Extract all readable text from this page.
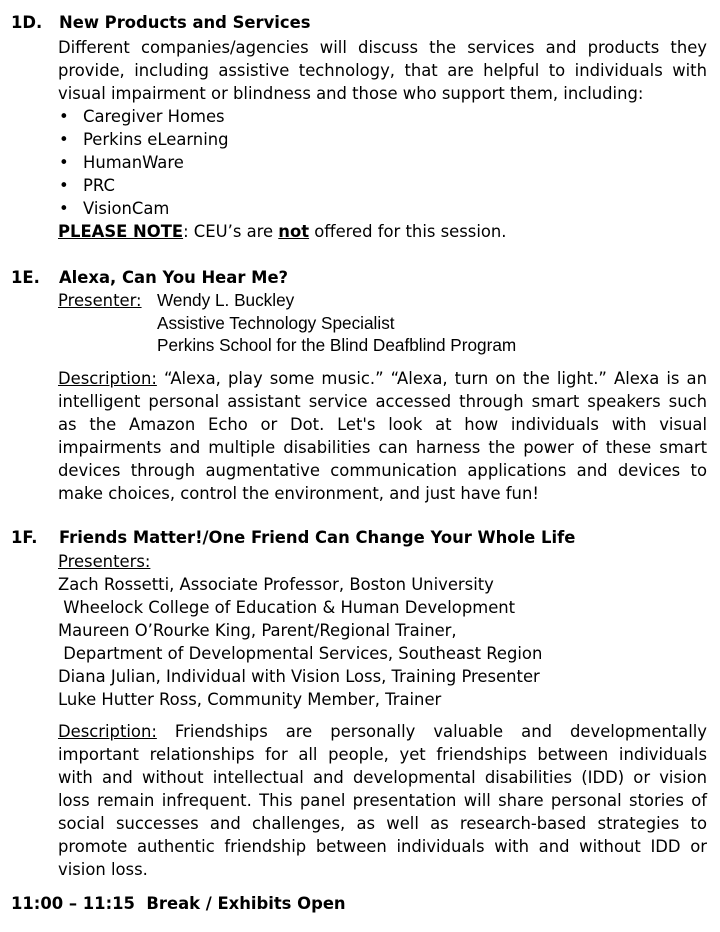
1D. New Products and Services
Different companies/agencies will discuss the services and products they
provide, including assistive technology, that are helpful to individuals with
visual impairment or blindness and those who support them, including:
• Caregiver Homes
• Perkins eLearning
• HumanWare
• PRC
• VisionCam
PLEASE NOTE: CEU’s are not offered for this session.
1E. Alexa, Can You Hear Me?
Presenter: Wendy L. Buckley
Assistive Technology Specialist
Perkins School for the Blind Deafblind Program
Description: “Alexa, play some music.” “Alexa, turn on the light.” Alexa is an
intelligent personal assistant service accessed through smart speakers such
as the Amazon Echo or Dot. Let's look at how individuals with visual
impairments and multiple disabilities can harness the power of these smart
devices through augmentative communication applications and devices to
make choices, control the environment, and just have fun!
1F. Friends Matter!/One Friend Can Change Your Whole Life
Presenters:
Zach Rossetti, Associate Professor, Boston University
Wheelock College of Education & Human Development
Maureen O’Rourke King, Parent/Regional Trainer,
Department of Developmental Services, Southeast Region
Diana Julian, Individual with Vision Loss, Training Presenter
Luke Hutter Ross, Community Member, Trainer
Description: Friendships are personally valuable and developmentally
important relationships for all people, yet friendships between individuals
with and without intellectual and developmental disabilities (IDD) or vision
loss remain infrequent. This panel presentation will share personal stories of
social successes and challenges, as well as research-based strategies to
promote authentic friendship between individuals with and without IDD or
vision loss.
11:00 – 11:15 Break / Exhibits Open
